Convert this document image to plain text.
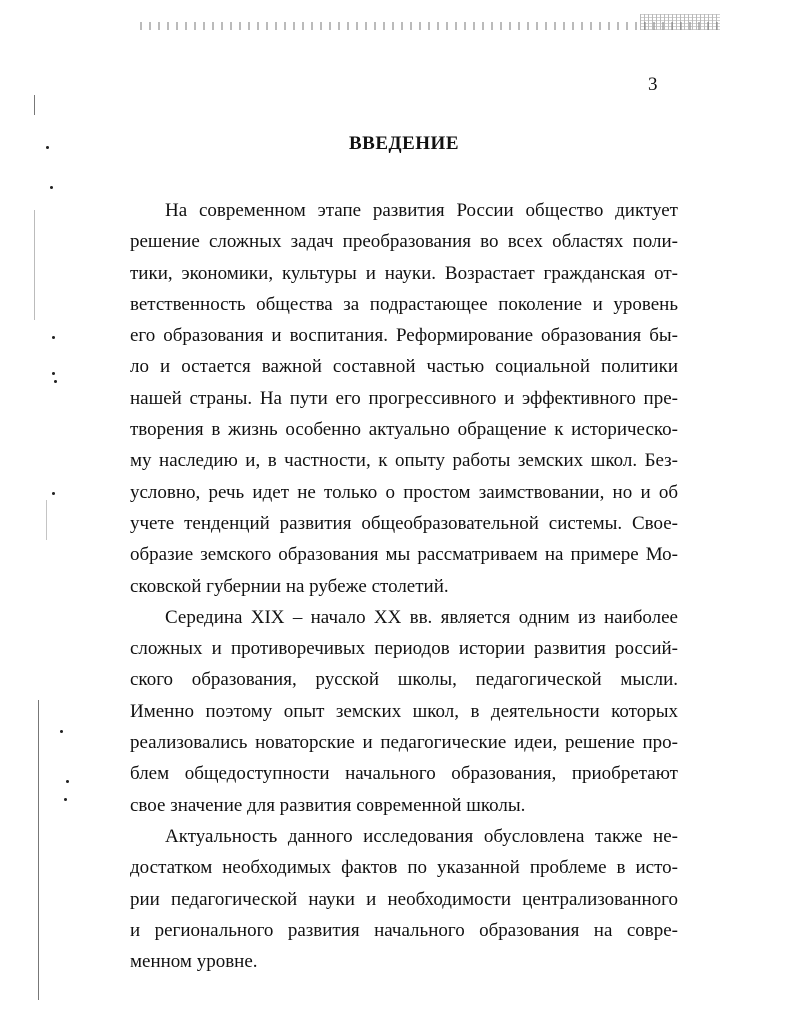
3
ВВЕДЕНИЕ

На современном этапе развития России общество диктует

решение сложных задач преобразования во всех областях поли-

тики, экономики, культуры и науки. Возрастает гражданская от-

ветственность общества за подрастающее поколение и уровень

его образования и воспитания. Реформирование образования бы-

ло и остается важной составной частью социальной политики

нашей страны. На пути его прогрессивного и эффективного пре-

творения в жизнь особенно актуально обращение к историческо-

му наследию и, в частности, к опыту работы земских школ. Без-

условно, речь идет не только о простом заимствовании, но и об

учете тенденций развития общеобразовательной системы. Свое-

образие земского образования мы рассматриваем на примере Мо-

сковской губернии на рубеже столетий.

Середина XIX – начало XX вв. является одним из наиболее

сложных и противоречивых периодов истории развития россий-

ского образования, русской школы, педагогической мысли.

Именно поэтому опыт земских школ, в деятельности которых

реализовались новаторские и педагогические идеи, решение про-

блем общедоступности начального образования, приобретают

свое значение для развития современной школы.

Актуальность данного исследования обусловлена также не-

достатком необходимых фактов по указанной проблеме в исто-

рии педагогической науки и необходимости централизованного

и регионального развития начального образования на совре-

менном уровне.
